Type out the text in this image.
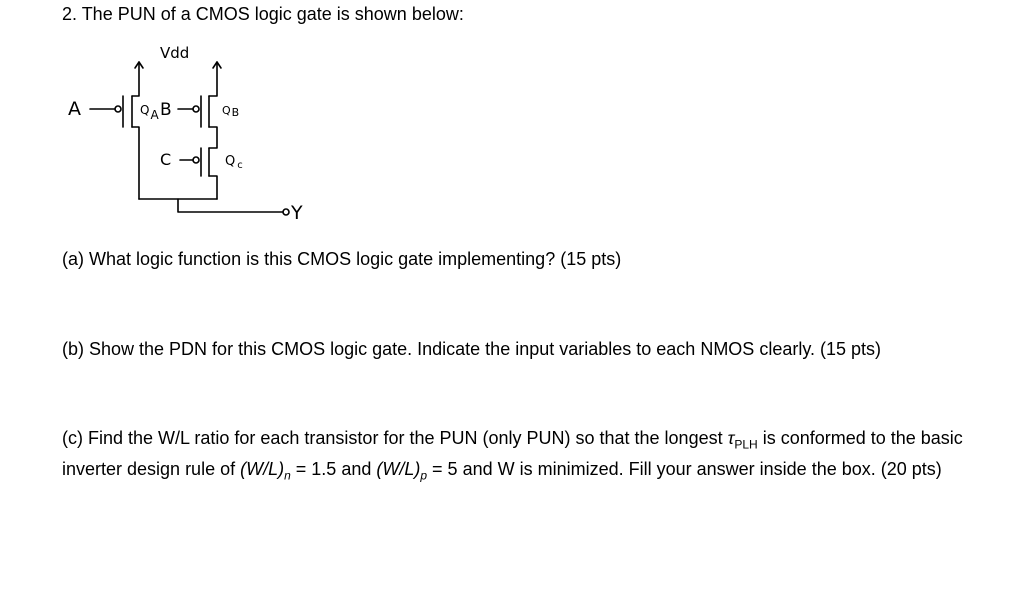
2. The PUN of a CMOS logic gate is shown below:
Vdd
A	QA B	QB
C	Q $_c$
Y
(a) What logic function is this CMOS logic gate implementing? (15 pts)
(b) Show the PDN for this CMOS logic gate. Indicate the input variables to each NMOS clearly. (15 pts)
(c) Find the W/L ratio for each transistor for the PUN (only PUN) so that the longest $\tau_{PLH}$ is conformed to the basic inverter design rule of $(W/L)_n = 1.5$ and $(W/L)_p = 5$ and W is minimized. Fill your answer inside the box. (20 pts)
